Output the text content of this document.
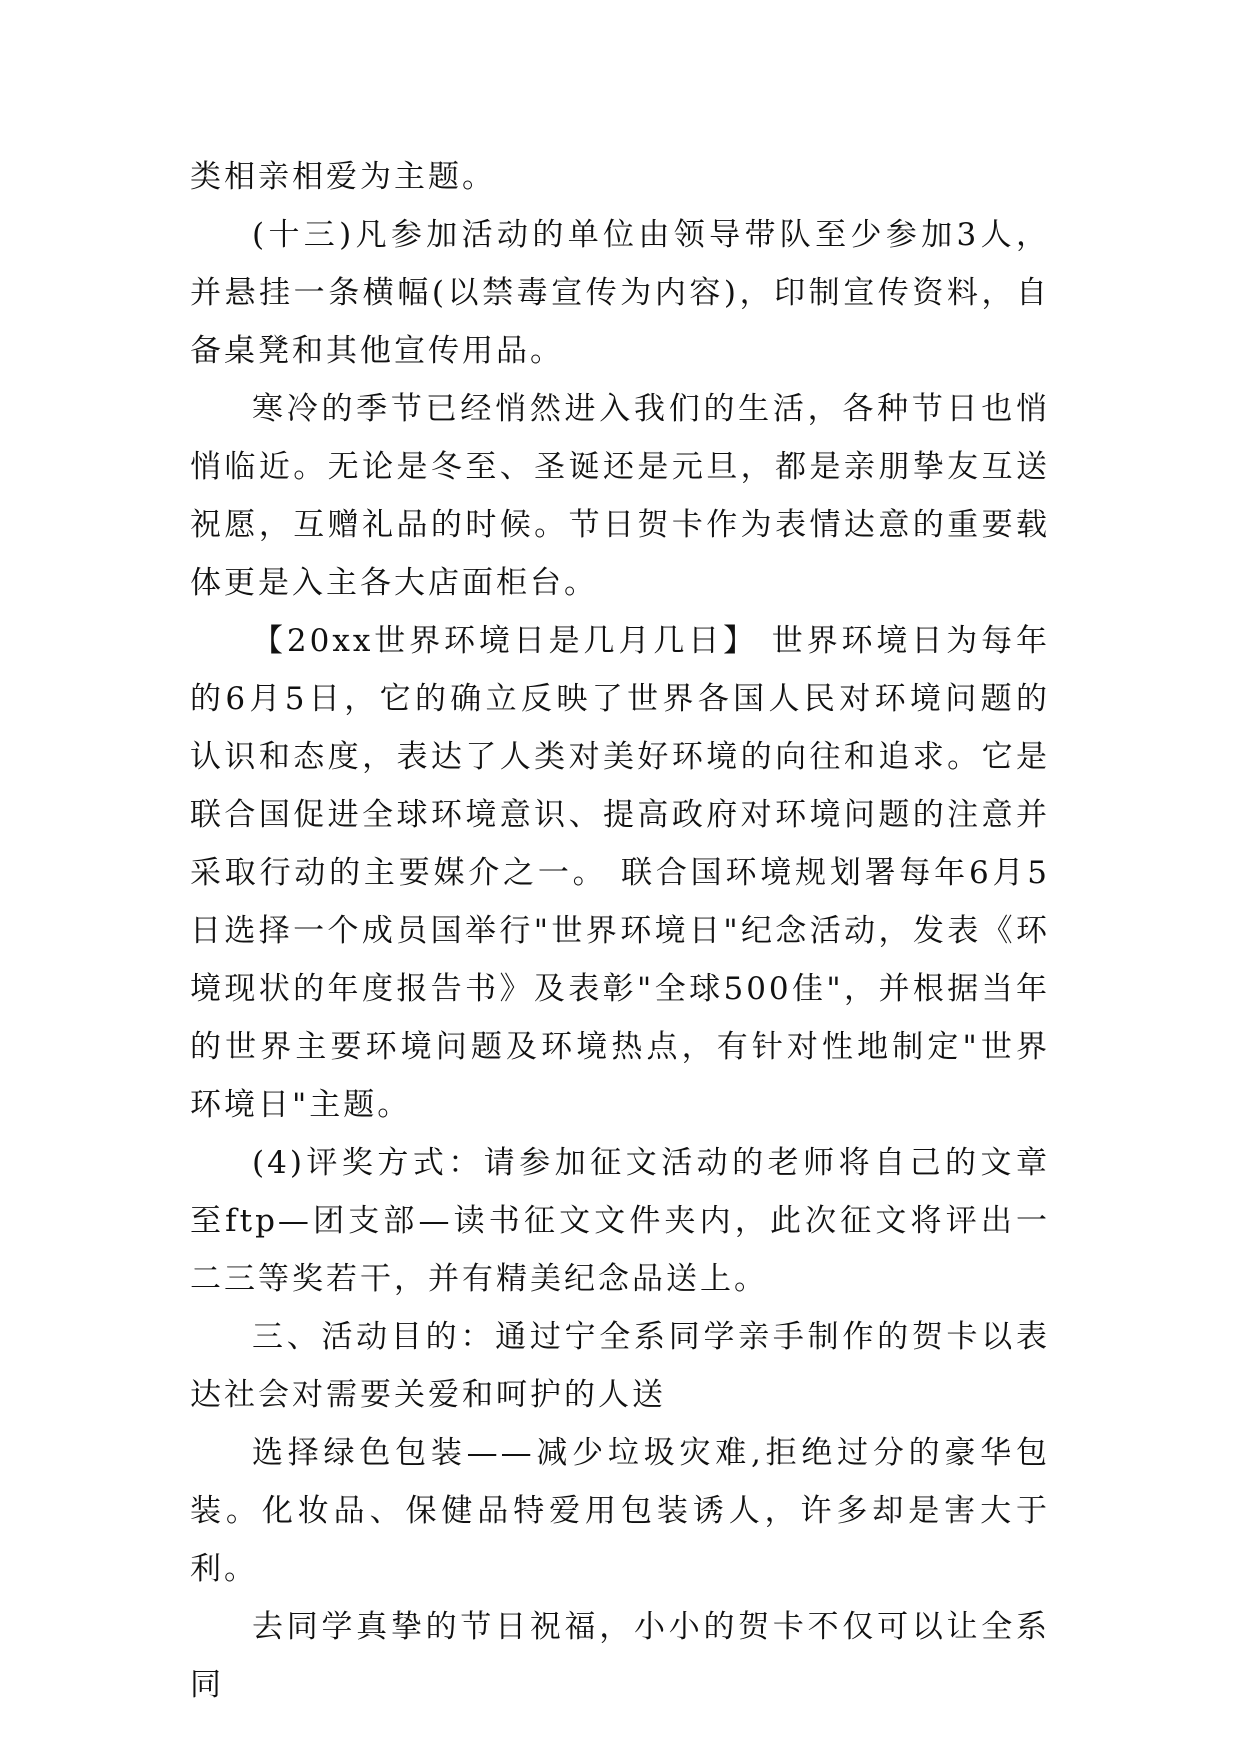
类相亲相爱为主题。

(十三)凡参加活动的单位由领导带队至少参加3人，并悬挂一条横幅(以禁毒宣传为内容)，印制宣传资料，自备桌凳和其他宣传用品。

寒冷的季节已经悄然进入我们的生活，各种节日也悄悄临近。无论是冬至、圣诞还是元旦，都是亲朋挚友互送祝愿，互赠礼品的时候。节日贺卡作为表情达意的重要载体更是入主各大店面柜台。

【20xx世界环境日是几月几日】 世界环境日为每年的6月5日，它的确立反映了世界各国人民对环境问题的认识和态度，表达了人类对美好环境的向往和追求。它是联合国促进全球环境意识、提高政府对环境问题的注意并采取行动的主要媒介之一。 联合国环境规划署每年6月5日选择一个成员国举行"世界环境日"纪念活动，发表《环境现状的年度报告书》及表彰"全球500佳"，并根据当年的世界主要环境问题及环境热点，有针对性地制定"世界环境日"主题。

(4)评奖方式：请参加征文活动的老师将自己的文章至ftp—团支部—读书征文文件夹内，此次征文将评出一二三等奖若干，并有精美纪念品送上。

三、活动目的：通过宁全系同学亲手制作的贺卡以表达社会对需要关爱和呵护的人送

选择绿色包装——减少垃圾灾难,拒绝过分的豪华包装。化妆品、保健品特爱用包装诱人，许多却是害大于利。

去同学真挚的节日祝福，小小的贺卡不仅可以让全系同
